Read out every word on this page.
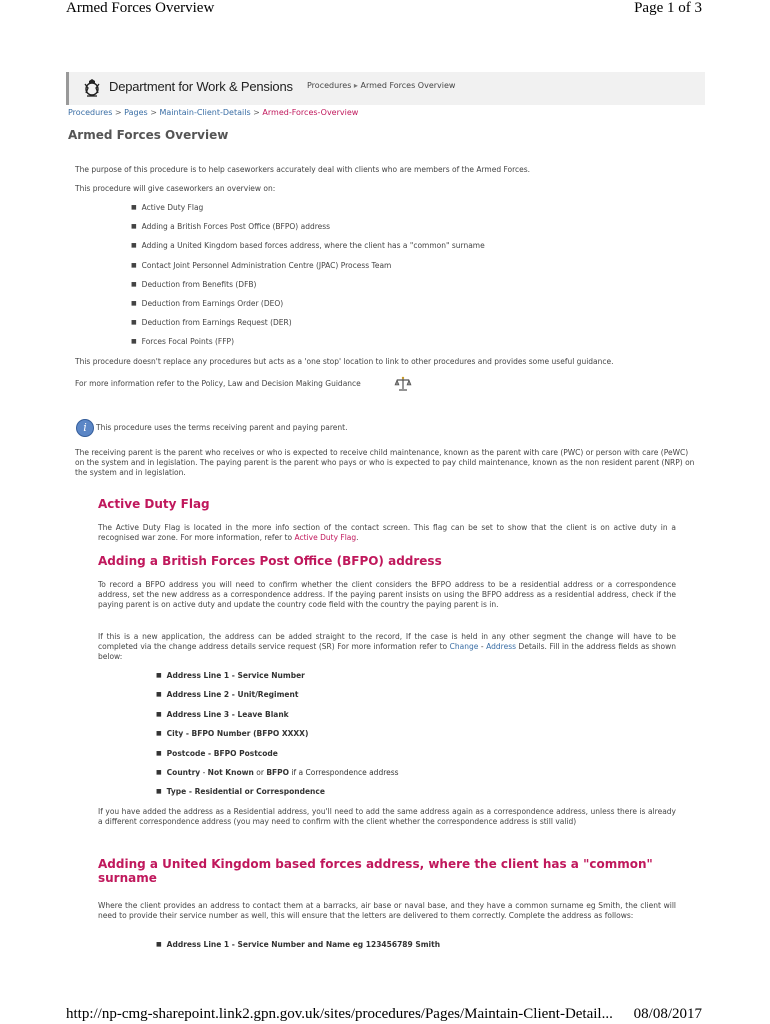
Armed Forces Overview	Page 1 of 3
Department for Work & Pensions Procedures ▸ Armed Forces Overview
Procedures > Pages > Maintain-Client-Details > Armed-Forces-Overview
Armed Forces Overview
The purpose of this procedure is to help caseworkers accurately deal with clients who are members of the Armed Forces.
This procedure will give caseworkers an overview on:
■ Active Duty Flag
■ Adding a British Forces Post Office (BFPO) address
■ Adding a United Kingdom based forces address, where the client has a "common" surname
■ Contact Joint Personnel Administration Centre (JPAC) Process Team
■ Deduction from Benefits (DFB)
■ Deduction from Earnings Order (DEO)
■ Deduction from Earnings Request (DER)
■ Forces Focal Points (FFP)
This procedure doesn't replace any procedures but acts as a 'one stop' location to link to other procedures and provides some useful guidance.
For more information refer to the Policy, Law and Decision Making Guidance
i	This procedure uses the terms receiving parent and paying parent.
The receiving parent is the parent who receives or who is expected to receive child maintenance, known as the parent with care (PWC) or person with care (PeWC) on the system and in legislation. The paying parent is the parent who pays or who is expected to pay child maintenance, known as the non resident parent (NRP) on the system and in legislation.
Active Duty Flag
The Active Duty Flag is located in the more info section of the contact screen. This flag can be set to show that the client is on active duty in a recognised war zone. For more information, refer to Active Duty Flag.
Adding a British Forces Post Office (BFPO) address
To record a BFPO address you will need to confirm whether the client considers the BFPO address to be a residential address or a correspondence address, set the new address as a correspondence address. If the paying parent insists on using the BFPO address as a residential address, check if the paying parent is on active duty and update the country code field with the country the paying parent is in.
If this is a new application, the address can be added straight to the record, If the case is held in any other segment the change will have to be completed via the change address details service request (SR) For more information refer to Change - Address Details. Fill in the address fields as shown below:
■ Address Line 1 - Service Number
■ Address Line 2 - Unit/Regiment
■ Address Line 3 - Leave Blank
■ City - BFPO Number (BFPO XXXX)
■ Postcode - BFPO Postcode
■ Country - Not Known or BFPO if a Correspondence address
■ Type - Residential or Correspondence
If you have added the address as a Residential address, you'll need to add the same address again as a correspondence address, unless there is already a different correspondence address (you may need to confirm with the client whether the correspondence address is still valid)
Adding a United Kingdom based forces address, where the client has a "common"
surname
Where the client provides an address to contact them at a barracks, air base or naval base, and they have a common surname eg Smith, the client will need to provide their service number as well, this will ensure that the letters are delivered to them correctly. Complete the address as follows:
■ Address Line 1 - Service Number and Name eg 123456789 Smith
http://np-cmg-sharepoint.link2.gpn.gov.uk/sites/procedures/Pages/Maintain-Client-Detail... 08/08/2017
